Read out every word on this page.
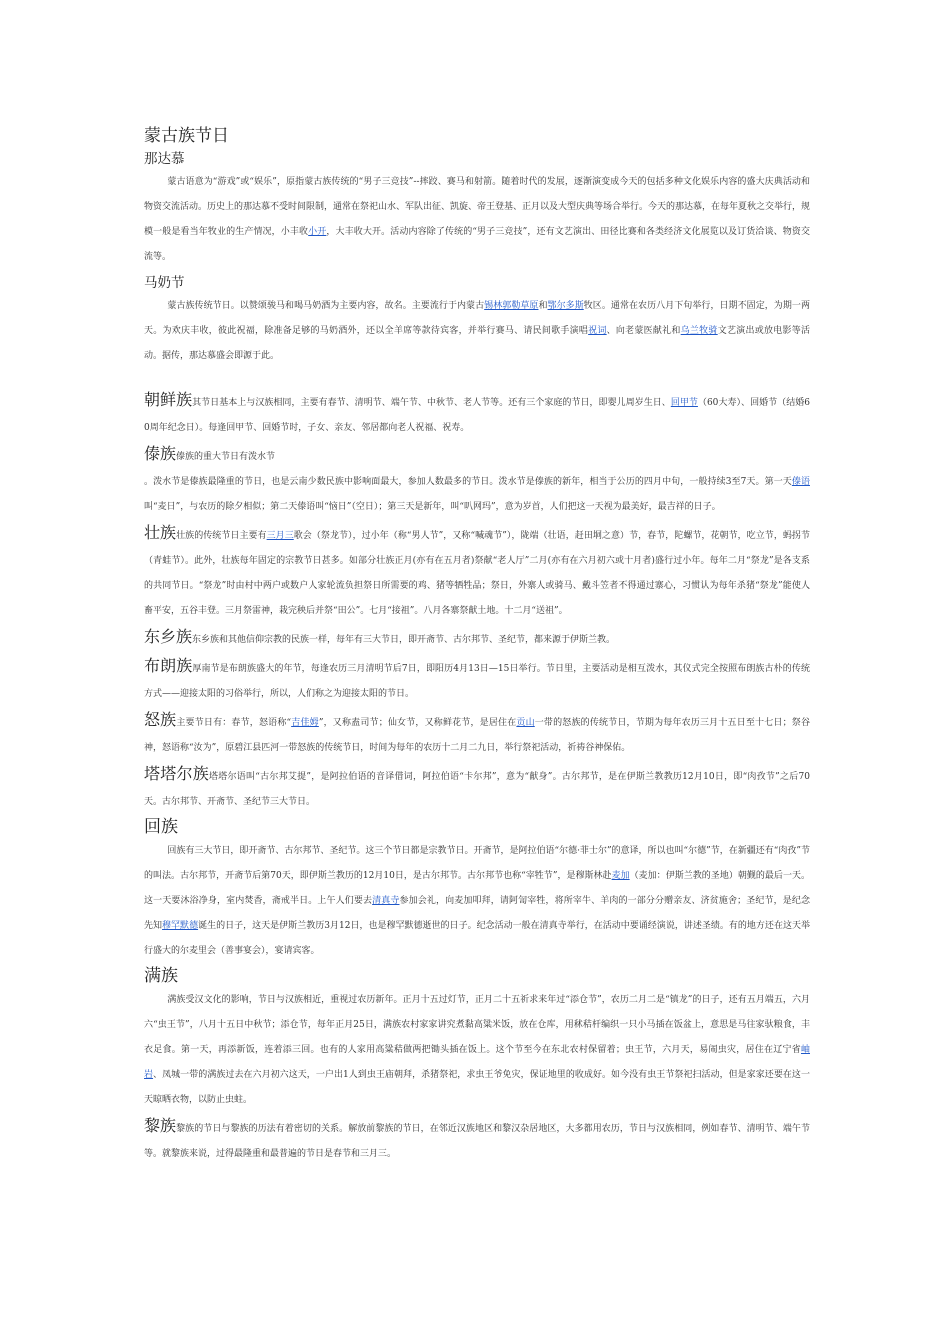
蒙古族节日
那达慕
蒙古语意为“游戏”或“娱乐”，原指蒙古族传统的“男子三竞技”--摔跤、赛马和射箭。随着时代的发展，逐渐演变成今天的包括多种文化娱乐内容的盛大庆典活动和物资交流活动。历史上的那达慕不受时间限制，通常在祭祀山水、军队出征、凯旋、帝王登基、正月以及大型庆典等场合举行。今天的那达慕，在每年夏秋之交举行，规模一般是看当年牧业的生产情况，小丰收小开，大丰收大开。活动内容除了传统的“男子三竞技”，还有文艺演出、田径比赛和各类经济文化展览以及订货洽谈、物资交流等。
马奶节
蒙古族传统节日。以赞颂骏马和喝马奶酒为主要内容，故名。主要流行于内蒙古锡林郭勒草原和鄂尔多斯牧区。通常在农历八月下旬举行，日期不固定，为期一两天。为欢庆丰收，彼此祝福，除准备足够的马奶酒外，还以全羊席等款待宾客，并举行赛马、请民间歌手演唱祝词、向老蒙医献礼和乌兰牧骑文艺演出或放电影等活动。据传，那达慕盛会即源于此。
朝鲜族其节日基本上与汉族相同，主要有春节、清明节、端午节、中秋节、老人节等。还有三个家庭的节日，即婴儿周岁生日、回甲节（60大寿）、回婚节（结婚60周年纪念日）。每逢回甲节、回婚节时，子女、亲友、邻居都向老人祝福、祝寿。
傣族傣族的重大节日有泼水节
。泼水节是傣族最隆重的节日，也是云南少数民族中影响面最大，参加人数最多的节日。泼水节是傣族的新年，相当于公历的四月中旬，一般持续3至7天。第一天傣语叫“麦日”，与农历的除夕相似；第二天傣语叫“恼日”（空日）；第三天是新年，叫“叭网玛”，意为岁首，人们把这一天视为最美好，最吉祥的日子。
壮族壮族的传统节日主要有三月三歌会（祭龙节），过小年（称“男人节”，又称“喊魂节”），陇端（壮语，赶田垌之意）节，春节，陀螺节，花朝节，吃立节，蚂拐节（青蛙节）。此外，壮族每年固定的宗教节日甚多。如部分壮族正月(亦有在五月者)祭献“老人厅”二月(亦有在六月初六或十月者)盛行过小年。每年二月“祭龙”是各支系的共同节日。“祭龙”时由村中两户或数户人家轮流负担祭日所需要的鸡、猪等牺牲品；祭日，外寨人或骑马、戴斗笠者不得通过寨心，习惯认为每年杀猪“祭龙”能使人畜平安，五谷丰登。三月祭雷神，栽完秧后并祭“田公”。七月“接祖”。八月各寨祭献土地。十二月“送祖”。
东乡族东乡族和其他信仰宗教的民族一样，每年有三大节日，即开斋节、古尔邦节、圣纪节，都来源于伊斯兰教。
布朗族厚南节是布朗族盛大的年节，每逢农历三月清明节后7日，即阳历4月13日—15日举行。节日里，主要活动是相互泼水，其仪式完全按照布朗族古朴的传统方式——迎接太阳的习俗举行，所以，人们称之为迎接太阳的节日。
怒族主要节日有：春节，怒语称“吉佳姆”，又称盍司节；仙女节，又称鲜花节，是居住在贡山一带的怒族的传统节日，节期为每年农历三月十五日至十七日；祭谷神，怒语称“汝为”，原碧江县匹河一带怒族的传统节日，时间为每年的农历十二月二九日，举行祭祀活动，祈祷谷神保佑。
塔塔尔族塔塔尔语叫“古尔邦艾提”，是阿拉伯语的音译借词，阿拉伯语“卡尔邦”，意为“献身”。古尔邦节，是在伊斯兰教教历12月10日，即“肉孜节”之后70天。古尔邦节、开斋节、圣纪节三大节日。
回族
回族有三大节日，即开斋节、古尔邦节、圣纪节。这三个节日都是宗教节日。开斋节，是阿拉伯语“尔德·菲士尔”的意译，所以也叫“尔德”节，在新疆还有“肉孜”节的叫法。古尔邦节，开斋节后第70天，即伊斯兰教历的12月10日，是古尔邦节。古尔邦节也称“宰牲节”，是穆斯林赴麦加（麦加：伊斯兰教的圣地）朝觐的最后一天。这一天要沐浴净身，室内焚香，斋戒半日。上午人们要去清真寺参加会礼，向麦加叩拜，请阿訇宰牲，将所宰牛、羊肉的一部分分赠亲友、济贫施舍；圣纪节，是纪念先知穆罕默德诞生的日子，这天是伊斯兰教历3月12日，也是穆罕默德逝世的日子。纪念活动一般在清真寺举行，在活动中要诵经演说，讲述圣绩。有的地方还在这天举行盛大的尔麦里会（善事宴会），宴请宾客。
满族
满族受汉文化的影响，节日与汉族相近，重视过农历新年。正月十五过灯节，正月二十五祈求来年过“添仓节”，农历二月二是“镇龙”的日子，还有五月端五，六月六“虫王节”，八月十五日中秋节；添仓节，每年正月25日，满族农村家家讲究煮黏高粱米饭，放在仓库，用秫秸杆编织一只小马插在饭盆上，意思是马往家驮粮食，丰衣足食。第一天，再添新饭，连着添三回。也有的人家用高粱秸做两把锄头插在饭上。这个节至今在东北农村保留着；虫王节，六月天，易闹虫灾，居住在辽宁省岫岩、凤城一带的满族过去在六月初六这天，一户出1人到虫王庙朝拜，杀猪祭祀，求虫王爷免灾，保证地里的收成好。如今没有虫王节祭祀扫活动，但是家家还要在这一天晾晒衣物，以防止虫蛀。
黎族黎族的节日与黎族的历法有着密切的关系。解放前黎族的节日，在邻近汉族地区和黎汉杂居地区，大多都用农历，节日与汉族相同，例如春节、清明节、端午节等。就黎族来说，过得最隆重和最普遍的节日是春节和三月三。
